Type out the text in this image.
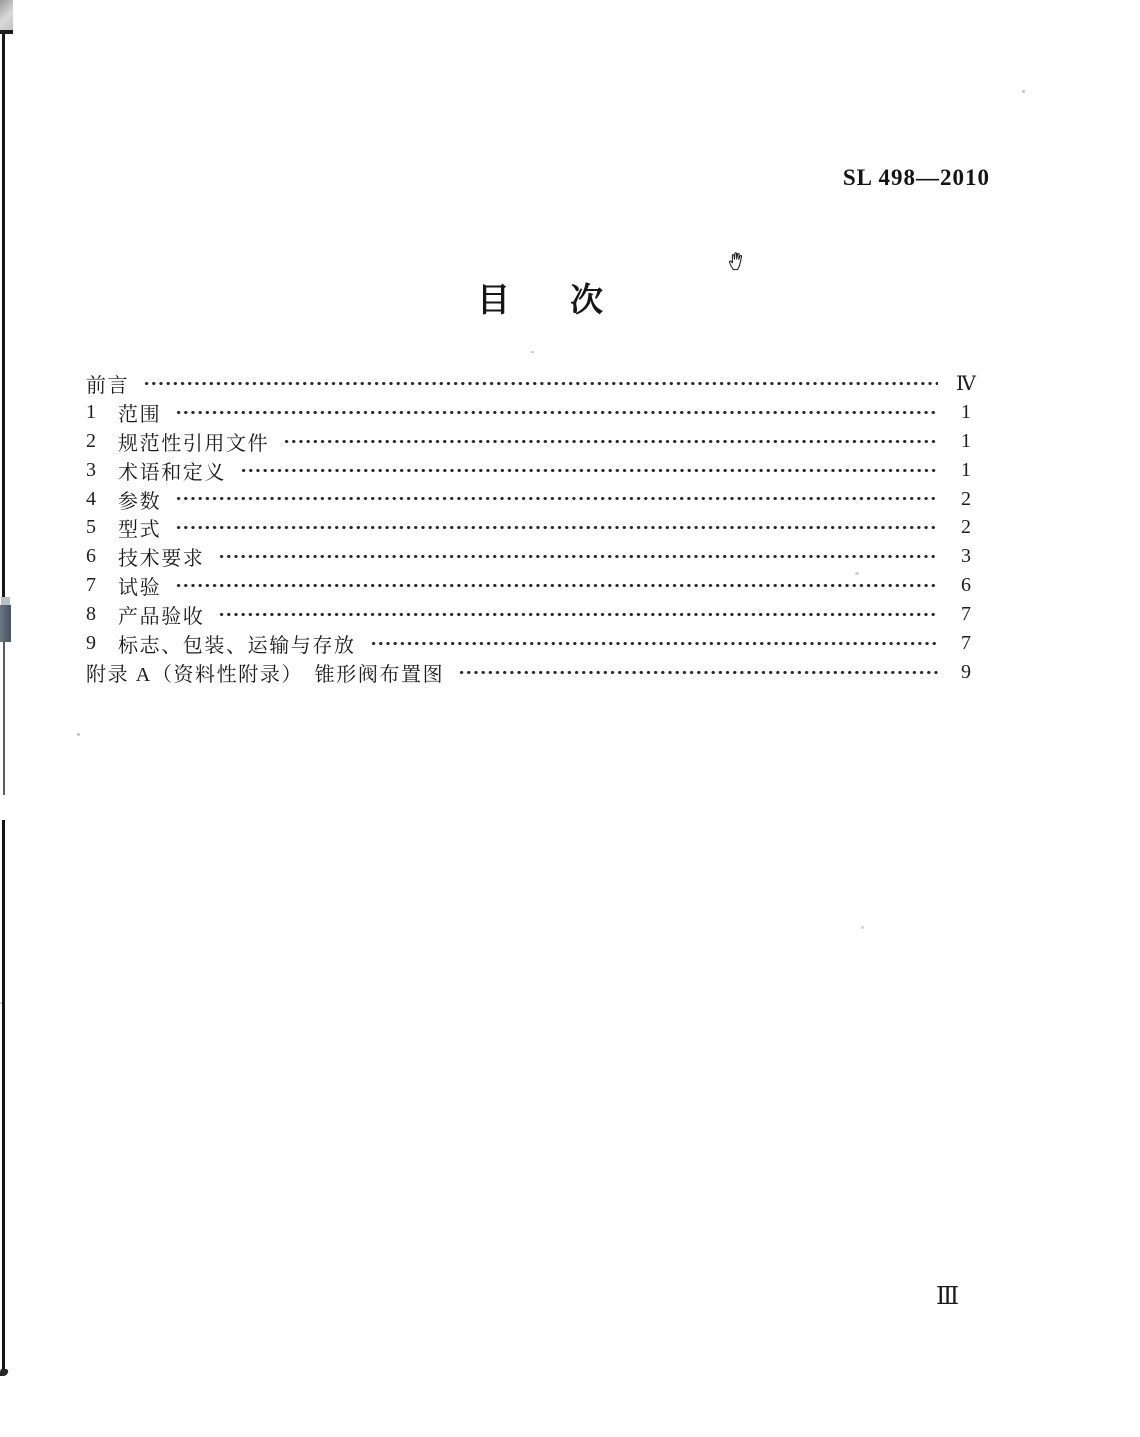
SL 498—2010
目次
前言	Ⅳ
1	范围	1
2	规范性引用文件	1
3	术语和定义	1
4	参数	2
5	型式	2
6	技术要求	3
7	试验	6
8	产品验收	7
9	标志、包装、运输与存放	7
附录 A（资料性附录）　锥形阀布置图	9
Ⅲ
